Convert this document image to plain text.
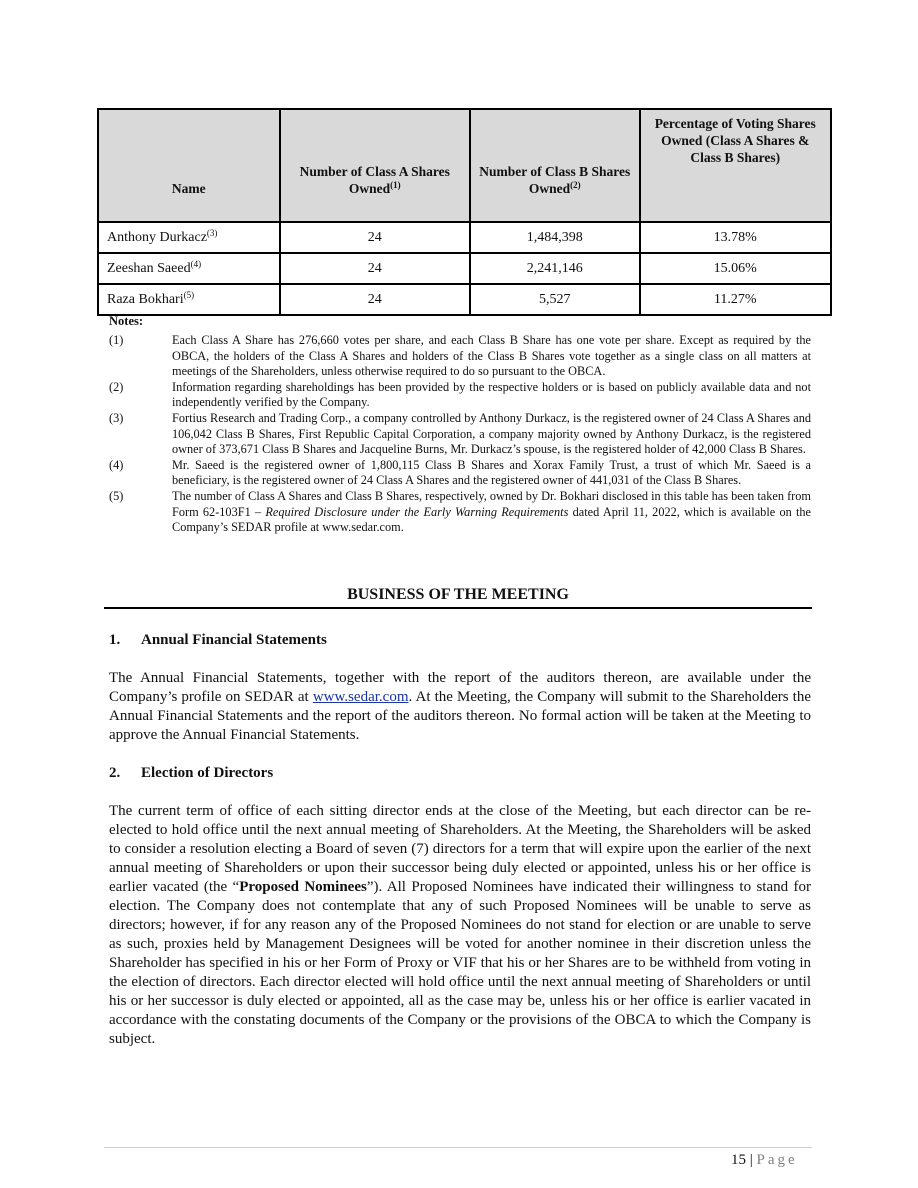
Name	Number of Class A Shares Owned$^{(1)}$	Number of Class B Shares Owned$^{(2)}$	Percentage of Voting Shares Owned (Class A Shares & Class B Shares)
Anthony Durkacz$^{(3)}$	24	1,484,398	13.78%
Zeeshan Saeed$^{(4)}$	24	2,241,146	15.06%
Raza Bokhari$^{(5)}$	24	5,527	11.27%
Notes:
(1)	Each Class A Share has 276,660 votes per share, and each Class B Share has one vote per share. Except as required by the OBCA, the holders of the Class A Shares and holders of the Class B Shares vote together as a single class on all matters at meetings of the Shareholders, unless otherwise required to do so pursuant to the OBCA.
(2)	Information regarding shareholdings has been provided by the respective holders or is based on publicly available data and not independently verified by the Company.
(3)	Fortius Research and Trading Corp., a company controlled by Anthony Durkacz, is the registered owner of 24 Class A Shares and 106,042 Class B Shares, First Republic Capital Corporation, a company majority owned by Anthony Durkacz, is the registered owner of 373,671 Class B Shares and Jacqueline Burns, Mr. Durkacz’s spouse, is the registered holder of 42,000 Class B Shares.
(4)	Mr. Saeed is the registered owner of 1,800,115 Class B Shares and Xorax Family Trust, a trust of which Mr. Saeed is a beneficiary, is the registered owner of 24 Class A Shares and the registered owner of 441,031 of the Class B Shares.
(5)	The number of Class A Shares and Class B Shares, respectively, owned by Dr. Bokhari disclosed in this table has been taken from Form 62-103F1 – Required Disclosure under the Early Warning Requirements dated April 11, 2022, which is available on the Company’s SEDAR profile at www.sedar.com.
BUSINESS OF THE MEETING
1. Annual Financial Statements
The Annual Financial Statements, together with the report of the auditors thereon, are available under the Company’s profile on SEDAR at www.sedar.com. At the Meeting, the Company will submit to the Shareholders the Annual Financial Statements and the report of the auditors thereon. No formal action will be taken at the Meeting to approve the Annual Financial Statements.
2. Election of Directors
The current term of office of each sitting director ends at the close of the Meeting, but each director can be re-elected to hold office until the next annual meeting of Shareholders. At the Meeting, the Shareholders will be asked to consider a resolution electing a Board of seven (7) directors for a term that will expire upon the earlier of the next annual meeting of Shareholders or upon their successor being duly elected or appointed, unless his or her office is earlier vacated (the “Proposed Nominees”). All Proposed Nominees have indicated their willingness to stand for election. The Company does not contemplate that any of such Proposed Nominees will be unable to serve as directors; however, if for any reason any of the Proposed Nominees do not stand for election or are unable to serve as such, proxies held by Management Designees will be voted for another nominee in their discretion unless the Shareholder has specified in his or her Form of Proxy or VIF that his or her Shares are to be withheld from voting in the election of directors. Each director elected will hold office until the next annual meeting of Shareholders or until his or her successor is duly elected or appointed, all as the case may be, unless his or her office is earlier vacated in accordance with the constating documents of the Company or the provisions of the OBCA to which the Company is subject.
15 | Page
